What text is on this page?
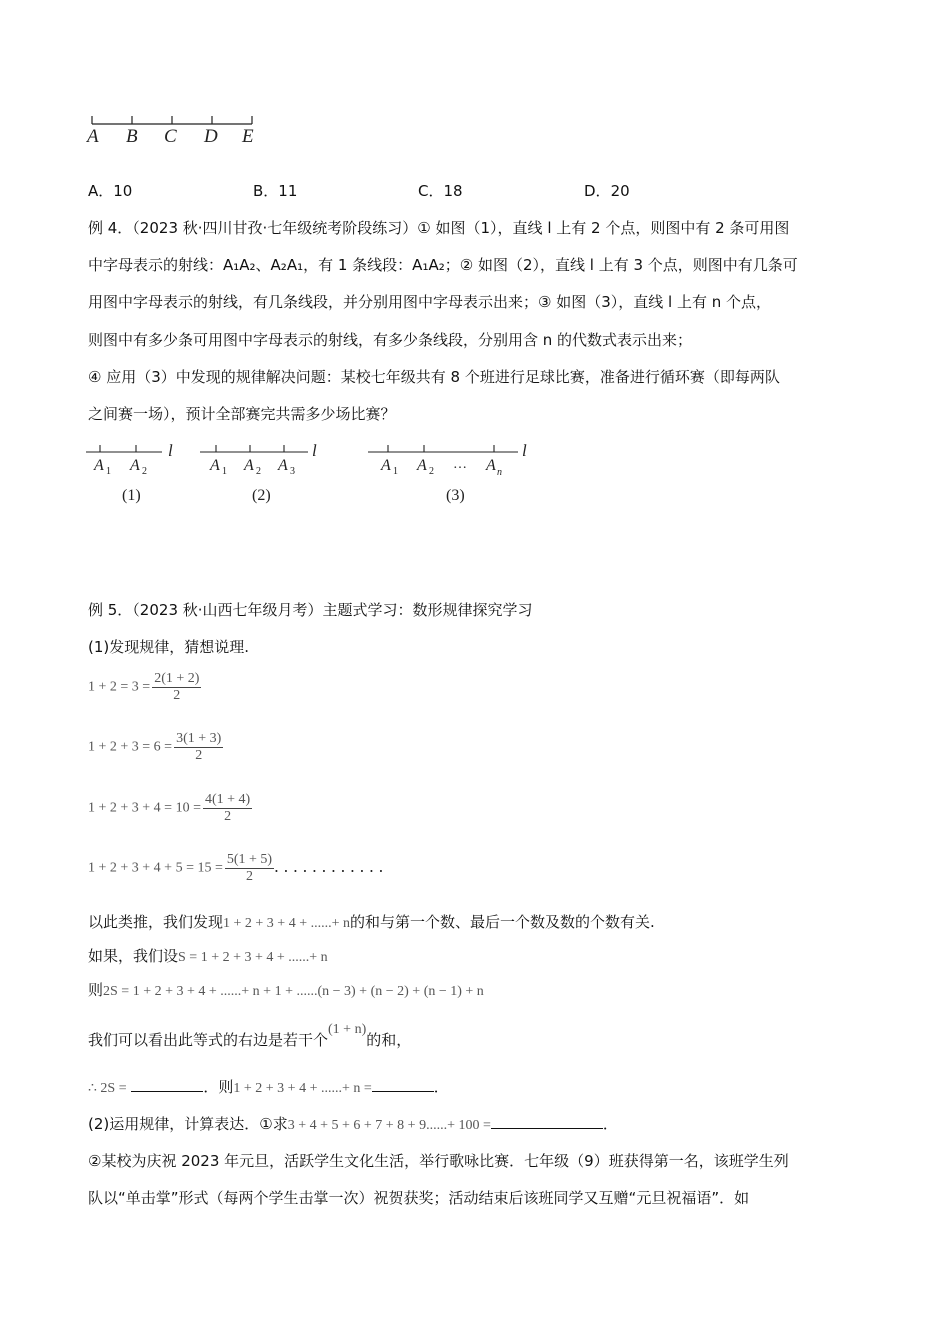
A B C D E
A．10	B．11	C．18	D．20
例 4．（2023 秋·四川甘孜·七年级统考阶段练习）① 如图（1），直线 l 上有 2 个点，则图中有 2 条可用图
中字母表示的射线：A₁A₂、A₂A₁，有 1 条线段：A₁A₂；② 如图（2），直线 l 上有 3 个点，则图中有几条可
用图中字母表示的射线，有几条线段，并分别用图中字母表示出来；③ 如图（3），直线 l 上有 n 个点，
则图中有多少条可用图中字母表示的射线，有多少条线段，分别用含 n 的代数式表示出来；
④ 应用（3）中发现的规律解决问题：某校七年级共有 8 个班进行足球比赛，准备进行循环赛（即每两队
之间赛一场），预计全部赛完共需多少场比赛？
l
A 1 A 2
(1)
l
A 1 A 2 A 3
(2)
l
A 1 A 2 … A n
(3)
例 5．（2023 秋·山西七年级月考）主题式学习：数形规律探究学习
(1)发现规律，猜想说理.
$1 + 2 = 3 = \frac{2(1 + 2)}{2}$
$1 + 2 + 3 = 6 = \frac{3(1 + 3)}{2}$
$1 + 2 + 3 + 4 = 10 = \frac{4(1 + 4)}{2}$
$1 + 2 + 3 + 4 + 5 = 15 = \frac{5(1 + 5)}{2}$ ．．．．．．．．．．．．
以此类推，我们发现1 + 2 + 3 + 4 + ......+ n的和与第一个数、最后一个数及数的个数有关.
如果，我们设S = 1 + 2 + 3 + 4 + ......+ n
则2S = 1 + 2 + 3 + 4 + ......+ n + 1 + ......(n − 3) + (n − 2) + (n − 1) + n
我们可以看出此等式的右边是若干个(1 + n)的和，
∴ 2S =	．则1 + 2 + 3 + 4 + ......+ n =	．
(2)运用规律，计算表达．①求3 + 4 + 5 + 6 + 7 + 8 + 9......+ 100 =	．
②某校为庆祝 2023 年元旦，活跃学生文化生活，举行歌咏比赛．七年级（9）班获得第一名，该班学生列
队以“单击掌”形式（每两个学生击掌一次）祝贺获奖；活动结束后该班同学又互赠“元旦祝福语”．如
